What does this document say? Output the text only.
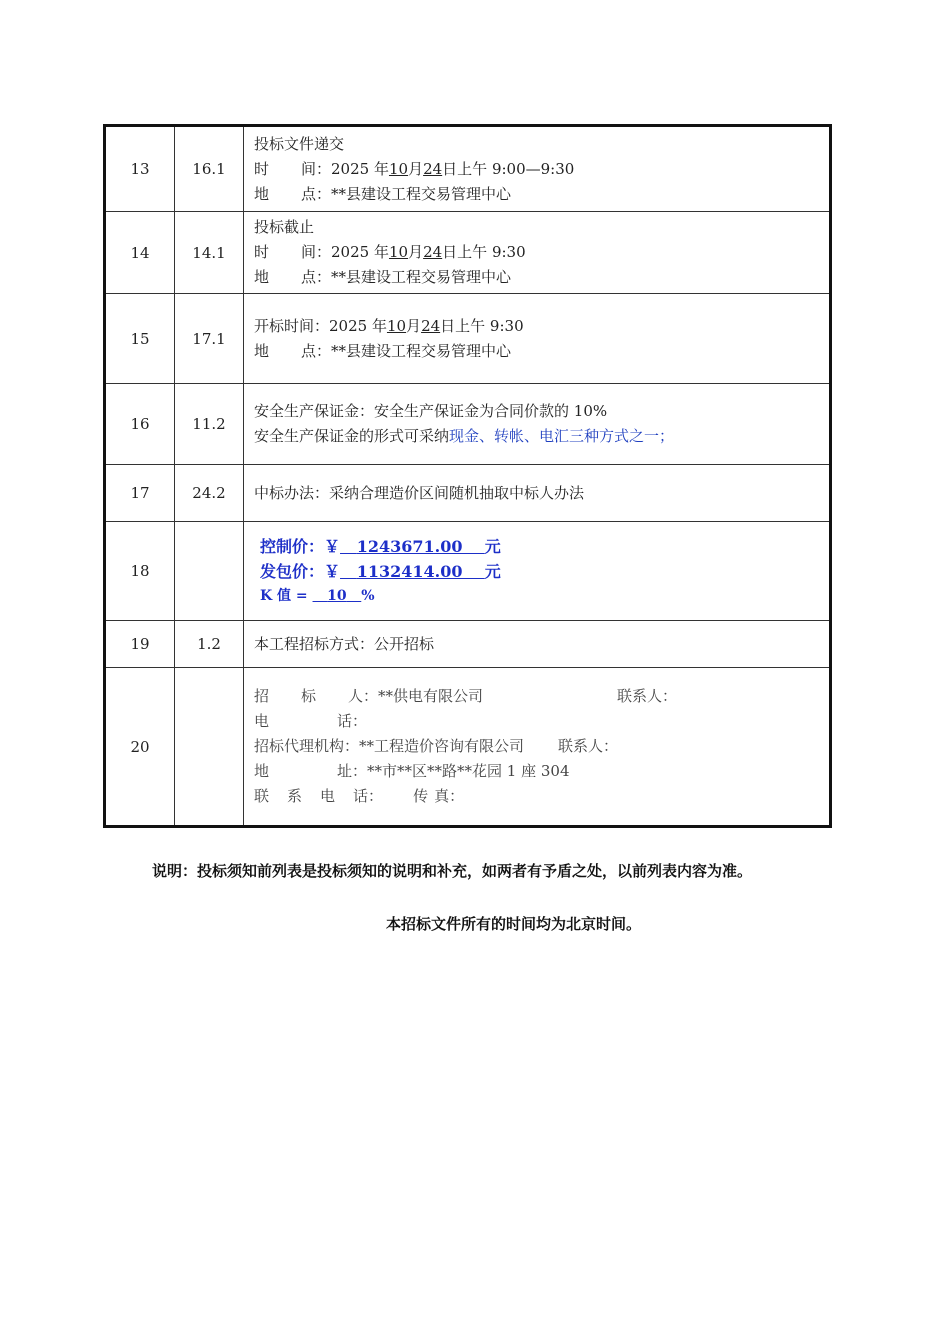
13	16.1	投标文件递交
时 间：2025 年10月24日上午 9:00—9:30
地 点：**县建设工程交易管理中心

14	14.1	投标截止
时 间：2025 年10月24日上午 9:30
地 点：**县建设工程交易管理中心

15	17.1	开标时间：2025 年10月24日上午 9:30
地 点：**县建设工程交易管理中心

16	11.2	安全生产保证金：安全生产保证金为合同价款的 10%
安全生产保证金的形式可采纳现金、转帐、电汇三种方式之一；

17	24.2	中标办法：采纳合理造价区间随机抽取中标人办法

18		控制价：￥ 1243671.00 元
发包价：￥ 1132414.00 元
K 值 = 10 %

19	1.2	本工程招标方式：公开招标

20		招 标 人：**供电有限公司 联系人：
电 话：
招标代理机构：**工程造价咨询有限公司 联系人：
地 址：**市**区**路**花园 1 座 304
联 系 电 话： 传 真：
说明：投标须知前列表是投标须知的说明和补充，如两者有予盾之处，以前列表内容为准。
本招标文件所有的时间均为北京时间。
